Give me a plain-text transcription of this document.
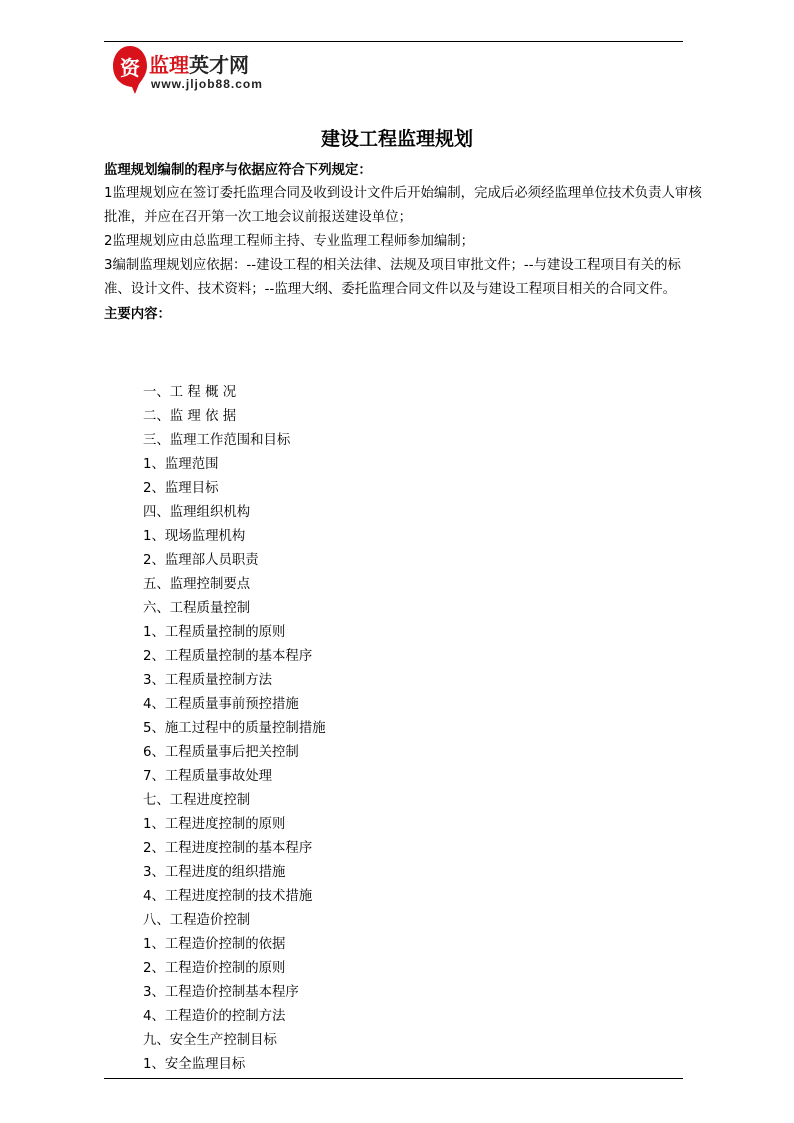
资 监理英才网
www.jljob88.com
建设工程监理规划

监理规划编制的程序与依据应符合下列规定：

1监理规划应在签订委托监理合同及收到设计文件后开始编制，完成后必须经监理单位技术负责人审核批准，并应在召开第一次工地会议前报送建设单位；

2监理规划应由总监理工程师主持、专业监理工程师参加编制；

3编制监理规划应依据：--建设工程的相关法律、法规及项目审批文件；--与建设工程项目有关的标准、设计文件、技术资料；--监理大纲、委托监理合同文件以及与建设工程项目相关的合同文件。

主要内容：

一、工 程 概 况
二、监 理 依 据
三、监理工作范围和目标
1、监理范围
2、监理目标
四、监理组织机构
1、现场监理机构
2、监理部人员职责
五、监理控制要点
六、工程质量控制
1、工程质量控制的原则
2、工程质量控制的基本程序
3、工程质量控制方法
4、工程质量事前预控措施
5、施工过程中的质量控制措施
6、工程质量事后把关控制
7、工程质量事故处理
七、工程进度控制
1、工程进度控制的原则
2、工程进度控制的基本程序
3、工程进度的组织措施
4、工程进度控制的技术措施
八、工程造价控制
1、工程造价控制的依据
2、工程造价控制的原则
3、工程造价控制基本程序
4、工程造价的控制方法
九、安全生产控制目标
1、安全监理目标
